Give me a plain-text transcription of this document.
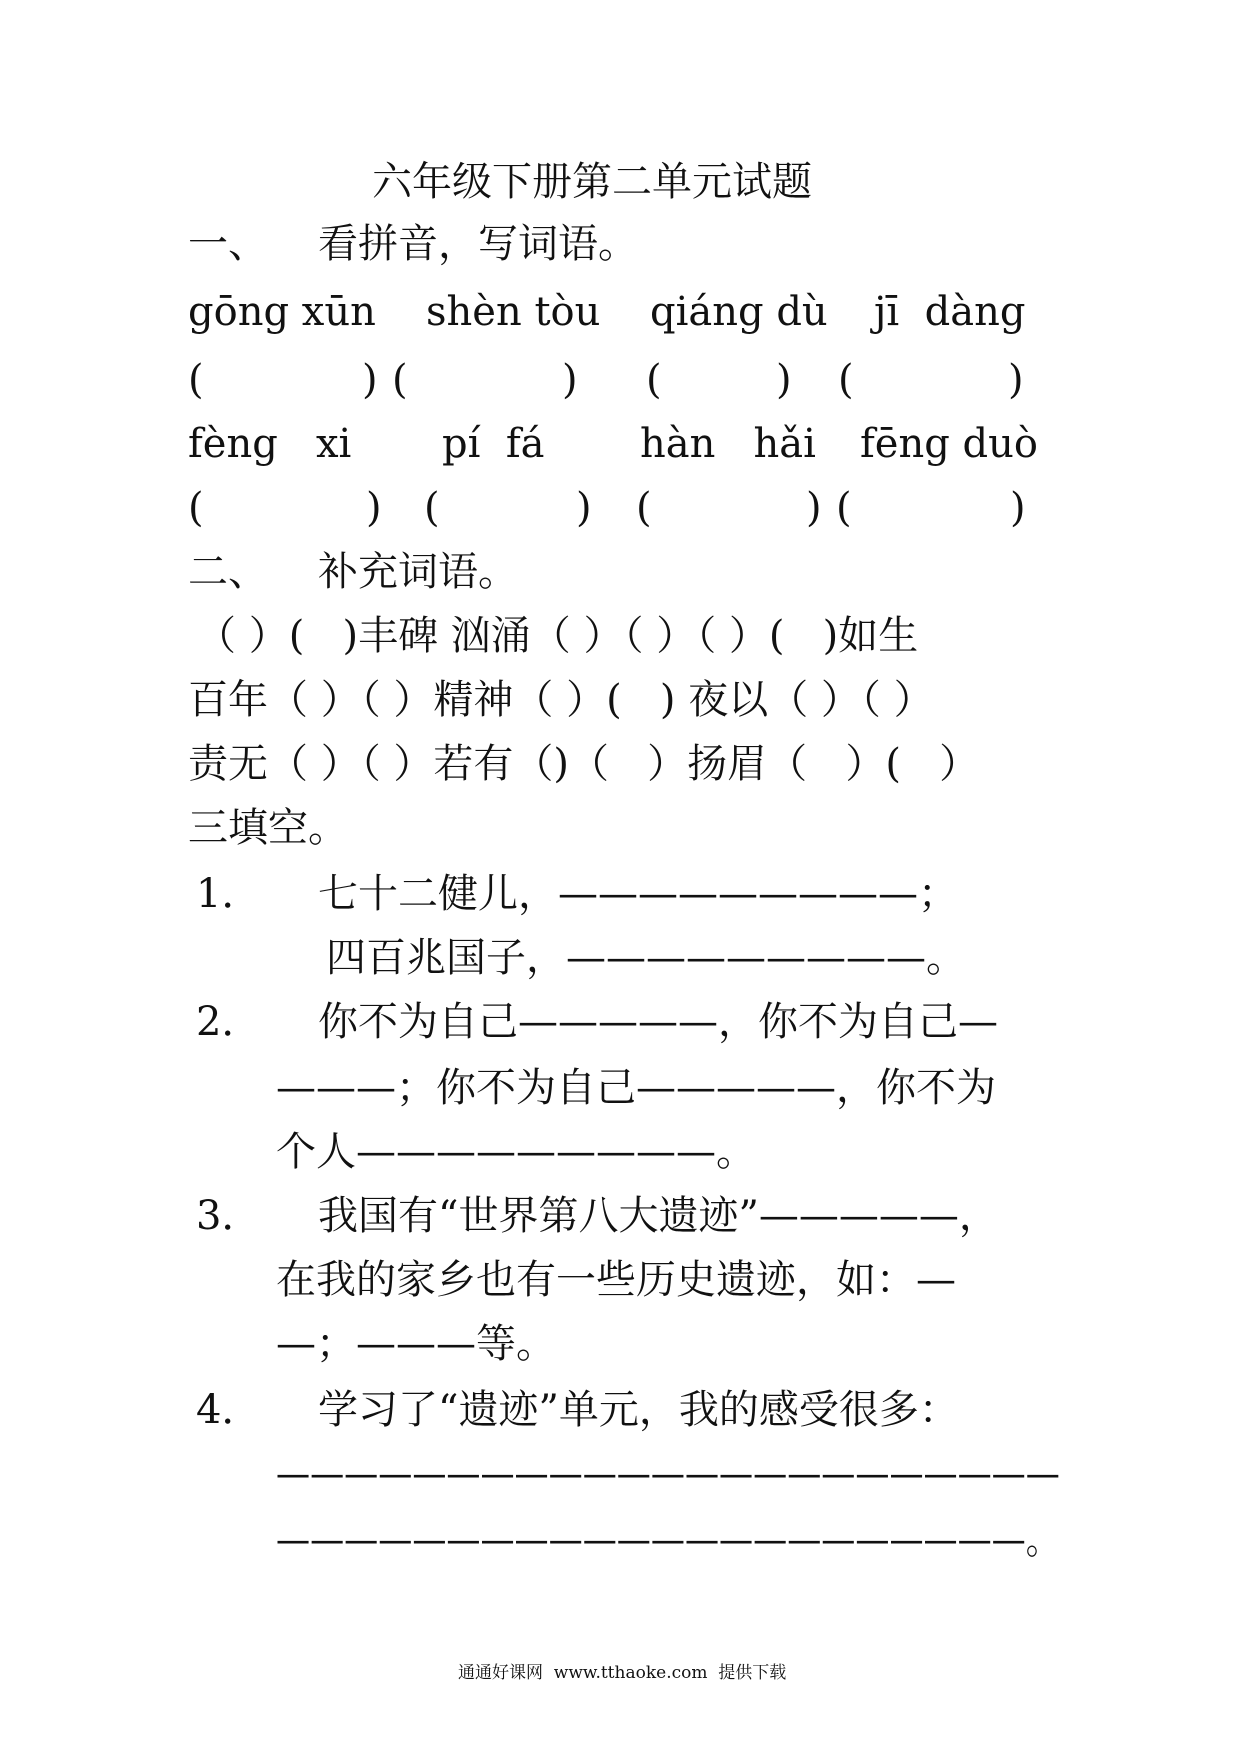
六年级下册第二单元试题
一、 看拼音，写词语。
gōng xūn shèn tòu qiáng dù jī  dàng
(	) (	) (	) (	)
fèng   xi pí  fá hàn   hǎi fēng duò
(	) (	) (	) (	)
二、 补充词语。
（ ）(   )丰碑 汹涌（ ）（ ）（ ）(   )如生
百年（ ）（ ）精神（ ）(   ) 夜以（ ）（ ）
责无（ ）（ ）若有（)（   ）扬眉（   ）(   ）
三填空。
1． 七十二健儿，—————————；
四百兆国子，—————————。
2． 你不为自己—————，你不为自己—
———；你不为自己—————，你不为
个人—————————。
3． 我国有“世界第八大遗迹”—————，
在我的家乡也有一些历史遗迹，如：—
—；———等。
4． 学习了“遗迹”单元，我的感受很多：
———————————————————————
——————————————————————。
通通好课网  www.tthaoke.com  提供下载
